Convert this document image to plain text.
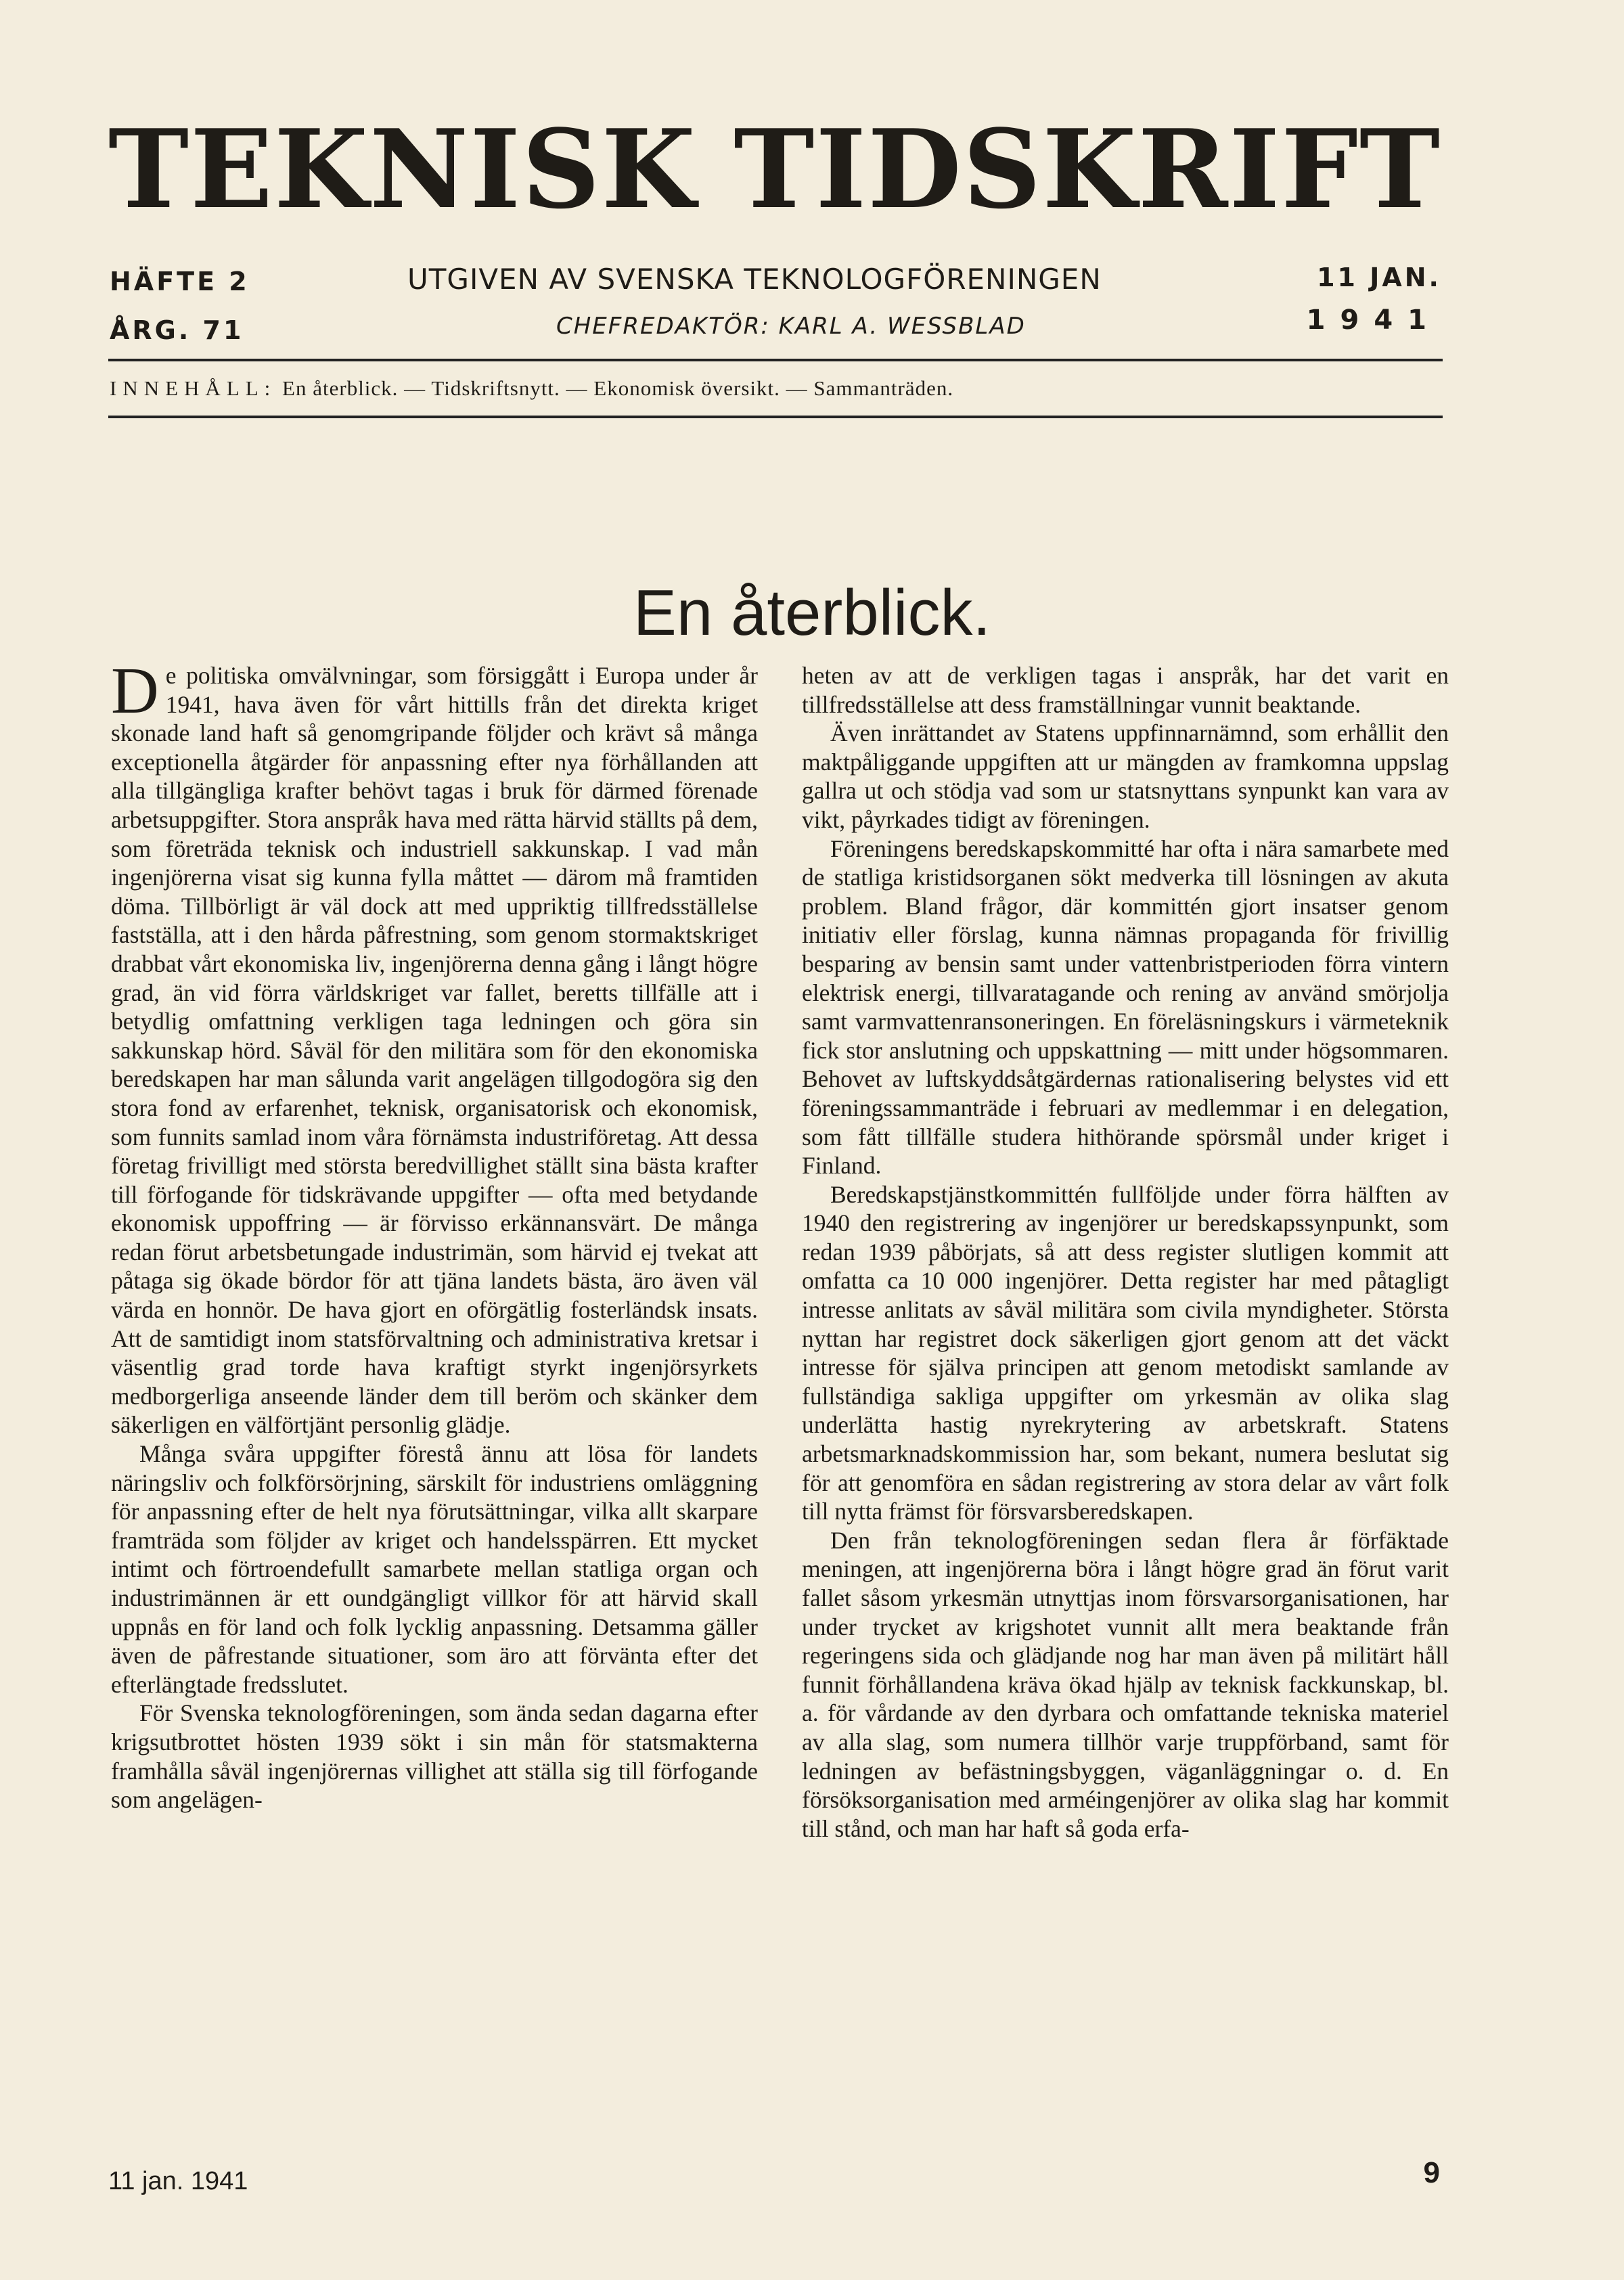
TEKNISK TIDSKRIFT
HÄFTE 2
ÅRG. 71
UTGIVEN AV SVENSKA TEKNOLOGFÖRENINGEN
CHEFREDAKTÖR: KARL A. WESSBLAD
11 JAN.
1941
INNEHÅLL: En återblick. — Tidskriftsnytt. — Ekonomisk översikt. — Sammanträden.
En återblick.

De politiska omvälvningar, som försiggått i Europa under år 1941, hava även för vårt hittills från det direkta kriget skonade land haft så genomgripande följder och krävt så många exceptionella åtgärder för anpassning efter nya förhållanden att alla tillgängliga krafter behövt tagas i bruk för därmed förenade arbetsuppgifter. Stora anspråk hava med rätta härvid ställts på dem, som företräda teknisk och industriell sakkunskap. I vad mån ingenjörerna visat sig kunna fylla måttet — därom må framtiden döma. Tillbörligt är väl dock att med uppriktig tillfredsställelse fastställa, att i den hårda påfrestning, som genom stormaktskriget drabbat vårt ekonomiska liv, ingenjörerna denna gång i långt högre grad, än vid förra världskriget var fallet, beretts tillfälle att i betydlig omfattning verkligen taga ledningen och göra sin sakkunskap hörd. Såväl för den militära som för den ekonomiska beredskapen har man sålunda varit angelägen tillgodogöra sig den stora fond av erfarenhet, teknisk, organisatorisk och ekonomisk, som funnits samlad inom våra förnämsta industriföretag. Att dessa företag frivilligt med största beredvillighet ställt sina bästa krafter till förfogande för tidskrävande uppgifter — ofta med betydande ekonomisk uppoffring — är förvisso erkännansvärt. De många redan förut arbetsbetungade industrimän, som härvid ej tvekat att påtaga sig ökade bördor för att tjäna landets bästa, äro även väl värda en honnör. De hava gjort en oförgätlig fosterländsk insats. Att de samtidigt inom statsförvaltning och administrativa kretsar i väsentlig grad torde hava kraftigt styrkt ingenjörsyrkets medborgerliga anseende länder dem till beröm och skänker dem säkerligen en välförtjänt personlig glädje.

Många svåra uppgifter förestå ännu att lösa för landets näringsliv och folkförsörjning, särskilt för industriens omläggning för anpassning efter de helt nya förutsättningar, vilka allt skarpare framträda som följder av kriget och handelsspärren. Ett mycket intimt och förtroendefullt samarbete mellan statliga organ och industrimännen är ett oundgängligt villkor för att härvid skall uppnås en för land och folk lycklig anpassning. Detsamma gäller även de påfrestande situationer, som äro att förvänta efter det efterlängtade fredsslutet.

För Svenska teknologföreningen, som ända sedan dagarna efter krigsutbrottet hösten 1939 sökt i sin mån för statsmakterna framhålla såväl ingenjörernas villighet att ställa sig till förfogande som angelägen-

heten av att de verkligen tagas i anspråk, har det varit en tillfredsställelse att dess framställningar vunnit beaktande.

Även inrättandet av Statens uppfinnarnämnd, som erhållit den maktpåliggande uppgiften att ur mängden av framkomna uppslag gallra ut och stödja vad som ur statsnyttans synpunkt kan vara av vikt, påyrkades tidigt av föreningen.

Föreningens beredskapskommitté har ofta i nära samarbete med de statliga kristidsorganen sökt medverka till lösningen av akuta problem. Bland frågor, där kommittén gjort insatser genom initiativ eller förslag, kunna nämnas propaganda för frivillig besparing av bensin samt under vattenbristperioden förra vintern elektrisk energi, tillvaratagande och rening av använd smörjolja samt varmvattenransoneringen. En föreläsningskurs i värmeteknik fick stor anslutning och uppskattning — mitt under högsommaren. Behovet av luftskyddsåtgärdernas rationalisering belystes vid ett föreningssammanträde i februari av medlemmar i en delegation, som fått tillfälle studera hithörande spörsmål under kriget i Finland.

Beredskapstjänstkommittén fullföljde under förra hälften av 1940 den registrering av ingenjörer ur beredskapssynpunkt, som redan 1939 påbörjats, så att dess register slutligen kommit att omfatta ca 10 000 ingenjörer. Detta register har med påtagligt intresse anlitats av såväl militära som civila myndigheter. Största nyttan har registret dock säkerligen gjort genom att det väckt intresse för själva principen att genom metodiskt samlande av fullständiga sakliga uppgifter om yrkesmän av olika slag underlätta hastig nyrekrytering av arbetskraft. Statens arbetsmarknadskommission har, som bekant, numera beslutat sig för att genomföra en sådan registrering av stora delar av vårt folk till nytta främst för försvarsberedskapen.

Den från teknologföreningen sedan flera år förfäktade meningen, att ingenjörerna böra i långt högre grad än förut varit fallet såsom yrkesmän utnyttjas inom försvarsorganisationen, har under trycket av krigshotet vunnit allt mera beaktande från regeringens sida och glädjande nog har man även på militärt håll funnit förhållandena kräva ökad hjälp av teknisk fackkunskap, bl. a. för vårdande av den dyrbara och omfattande tekniska materiel av alla slag, som numera tillhör varje truppförband, samt för ledningen av befästningsbyggen, väganläggningar o. d. En försöksorganisation med arméingenjörer av olika slag har kommit till stånd, och man har haft så goda erfa-

11 jan. 1941	9
